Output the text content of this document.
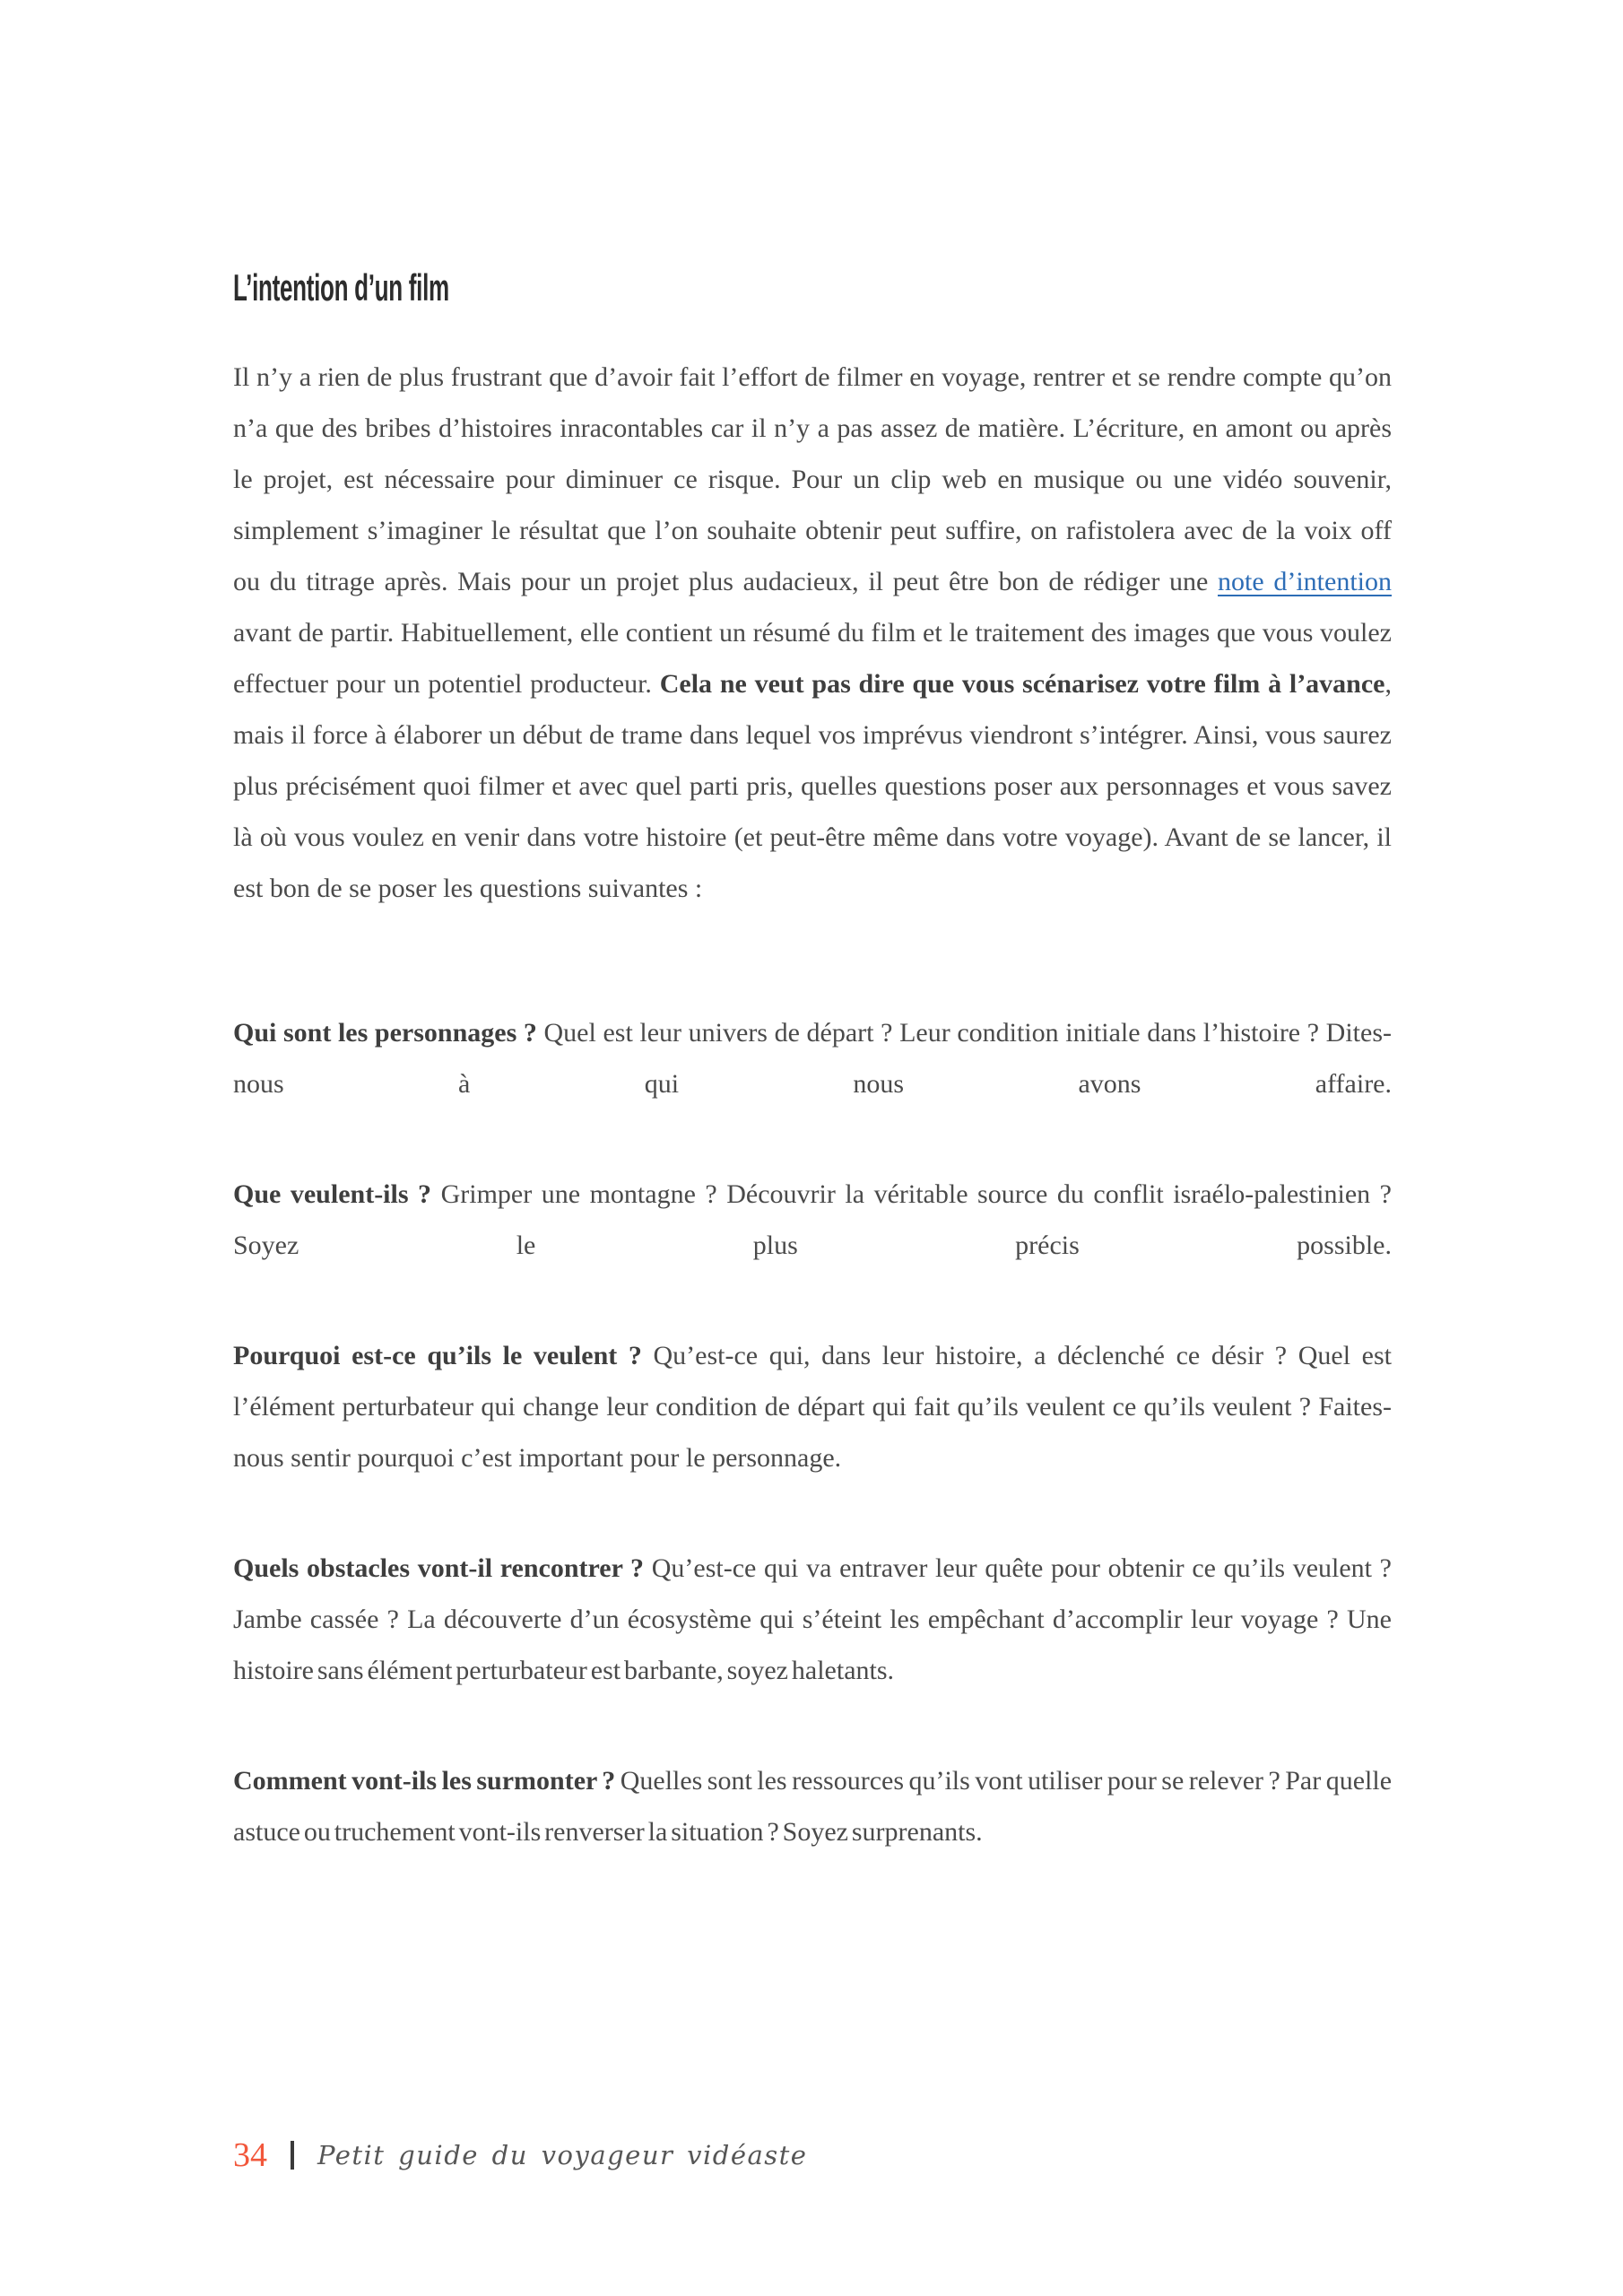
L’intention d’un film

Il n’y a rien de plus frustrant que d’avoir fait l’effort de filmer en voyage, rentrer et se rendre compte qu’on n’a que des bribes d’histoires inracontables car il n’y a pas assez de matière. L’écriture, en amont ou après le projet, est nécessaire pour diminuer ce risque. Pour un clip web en musique ou une vidéo souvenir, simplement s’imaginer le résultat que l’on souhaite obtenir peut suffire, on rafistolera avec de la voix off ou du titrage après. Mais pour un projet plus audacieux, il peut être bon de rédiger une note d’intention avant de partir. Habituellement, elle contient un résumé du film et le traitement des images que vous voulez effectuer pour un potentiel producteur. Cela ne veut pas dire que vous scénarisez votre film à l’avance, mais il force à élaborer un début de trame dans lequel vos imprévus viendront s’intégrer. Ainsi, vous saurez plus précisément quoi filmer et avec quel parti pris, quelles questions poser aux personnages et vous savez là où vous voulez en venir dans votre histoire (et peut-être même dans votre voyage). Avant de se lancer, il est bon de se poser les questions suivantes :

Qui sont les personnages ? Quel est leur univers de départ ? Leur condition initiale dans l’histoire ? Dites-nous à qui nous avons affaire.

Que veulent-ils ? Grimper une montagne ? Découvrir la véritable source du conflit israélo-palestinien ? Soyez le plus précis possible.

Pourquoi est-ce qu’ils le veulent ? Qu’est-ce qui, dans leur histoire, a déclenché ce désir ? Quel est l’élément perturbateur qui change leur condition de départ qui fait qu’ils veulent ce qu’ils veulent ? Faites-nous sentir pourquoi c’est important pour le personnage.

Quels obstacles vont-il rencontrer ? Qu’est-ce qui va entraver leur quête pour obtenir ce qu’ils veulent ? Jambe cassée ? La découverte d’un écosystème qui s’éteint les empêchant d’accomplir leur voyage ? Une histoire sans élément perturbateur est barbante, soyez haletants.

Comment vont-ils les surmonter ? Quelles sont les ressources qu’ils vont utiliser pour se relever ? Par quelle astuce ou truchement vont-ils renverser la situation ? Soyez surprenants.

34 Petit guide du voyageur vidéaste
